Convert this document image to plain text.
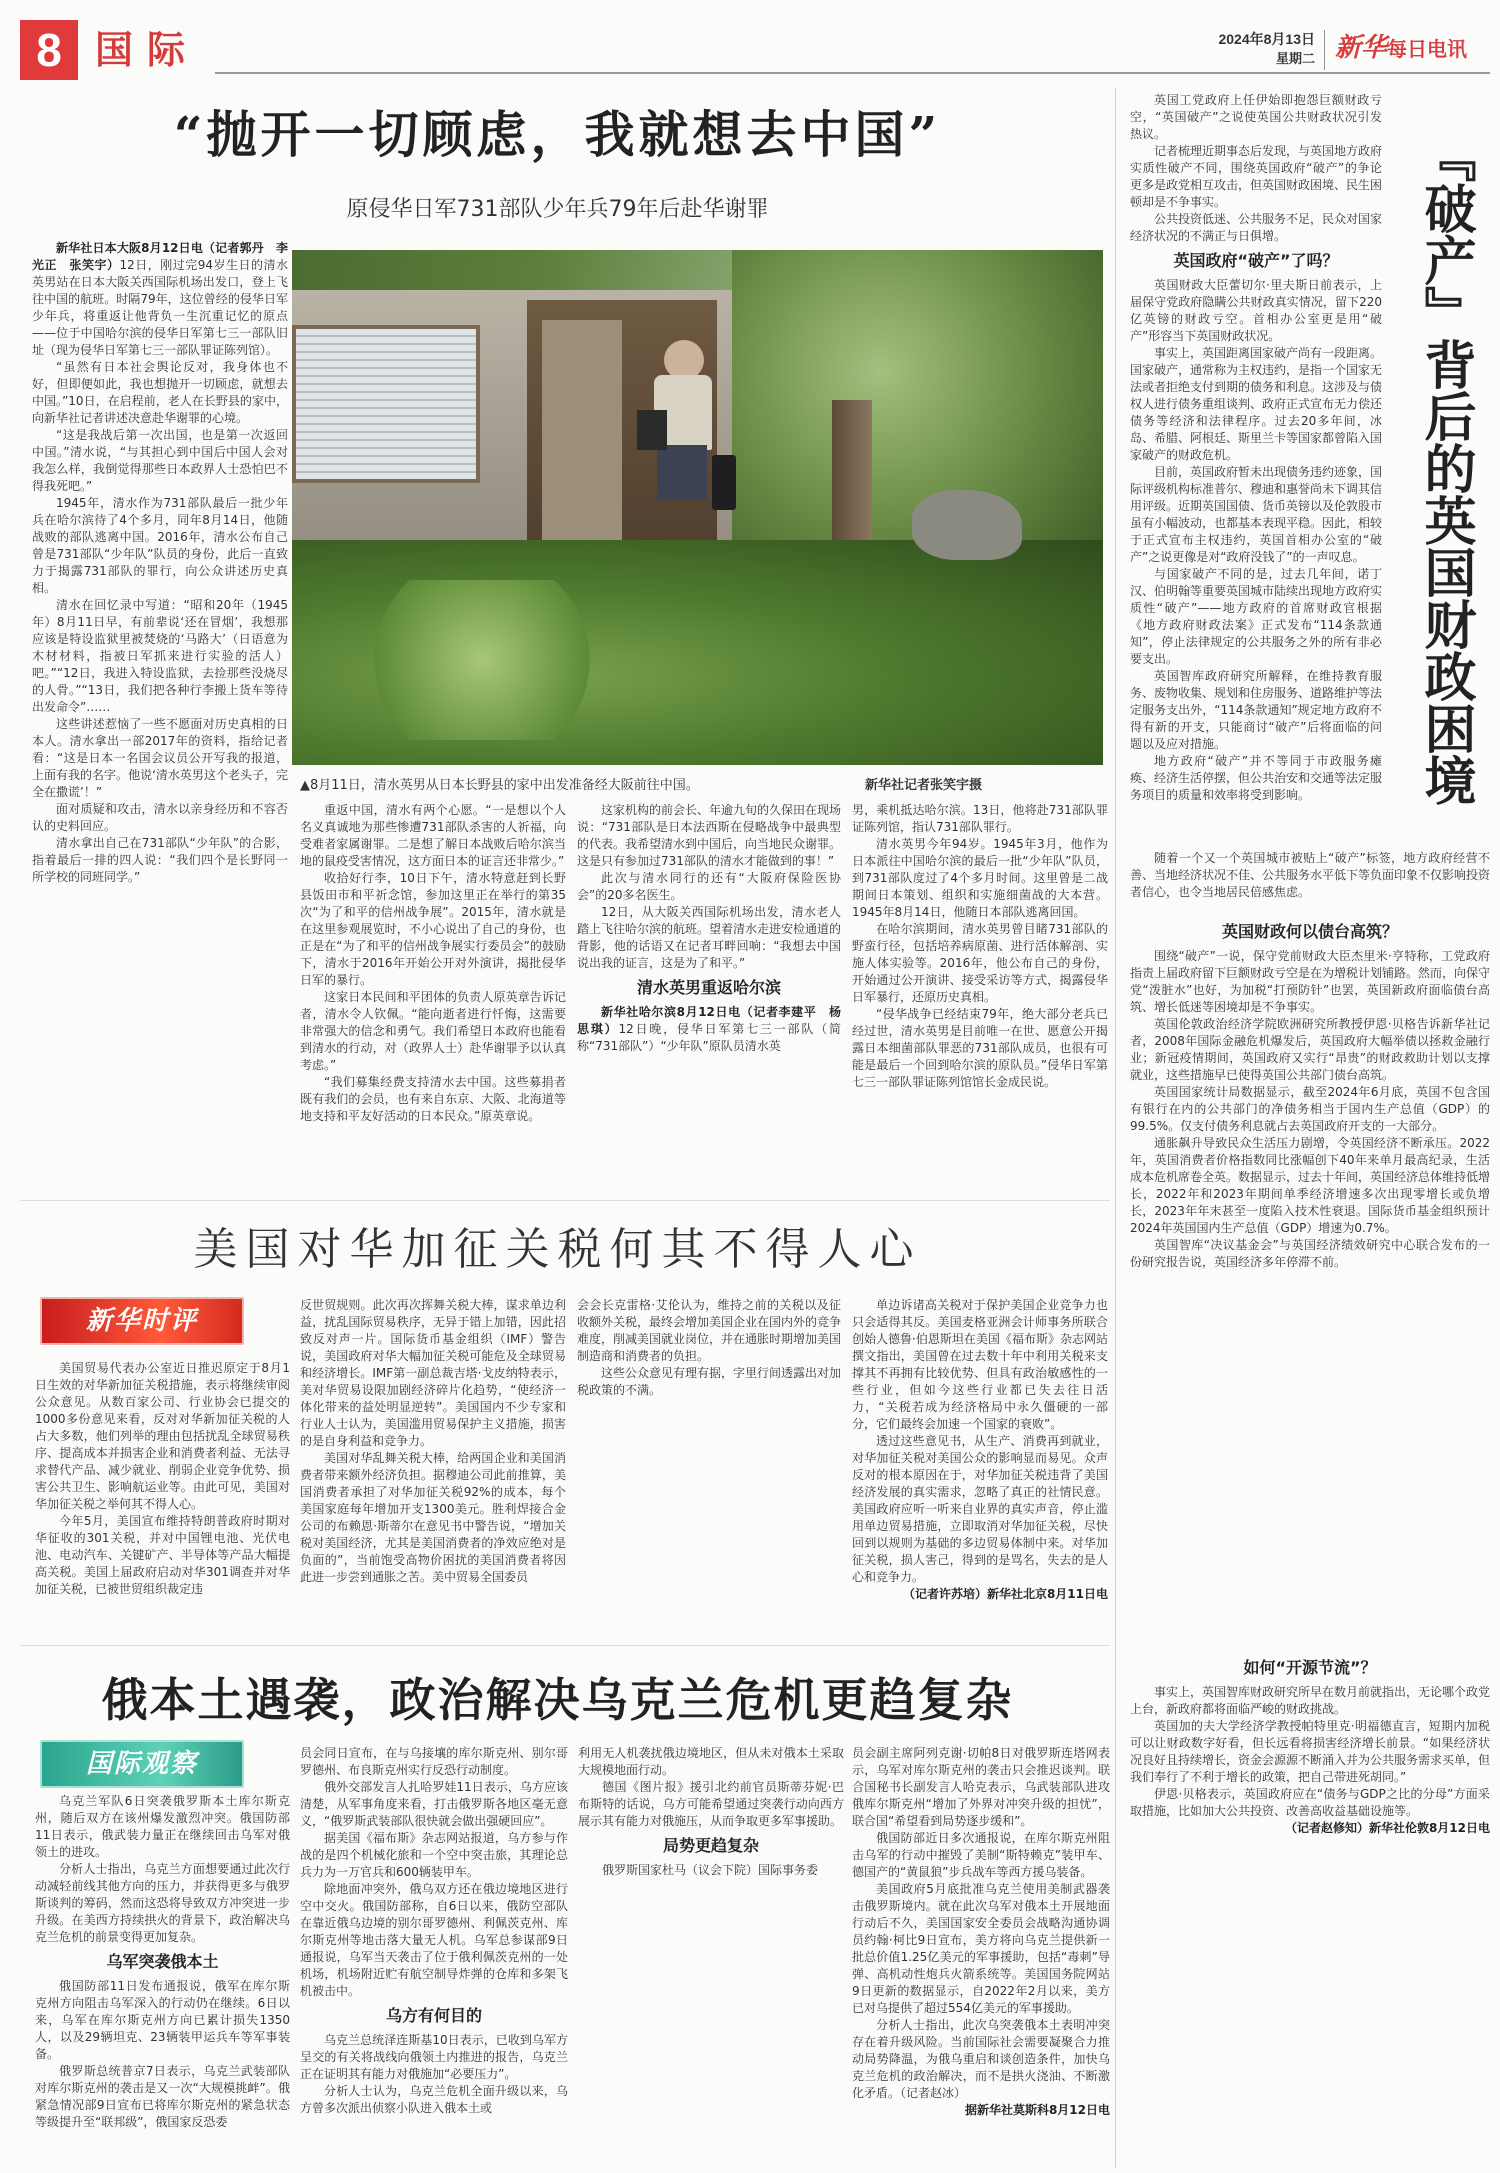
8 国际	2024年8月13日
星期二 新华每日电讯
“抛开一切顾虑，我就想去中国”
原侵华日军731部队少年兵79年后赴华谢罪

新华社日本大阪8月12日电（记者郭丹　李光正　张笑宇）12日，刚过完94岁生日的清水英男站在日本大阪关西国际机场出发口，登上飞往中国的航班。时隔79年，这位曾经的侵华日军少年兵，将重返让他背负一生沉重记忆的原点——位于中国哈尔滨的侵华日军第七三一部队旧址（现为侵华日军第七三一部队罪证陈列馆）。

“虽然有日本社会舆论反对，我身体也不好，但即便如此，我也想抛开一切顾虑，就想去中国。”10日，在启程前，老人在长野县的家中，向新华社记者讲述决意赴华谢罪的心境。

“这是我战后第一次出国，也是第一次返回中国。”清水说，“与其担心到中国后中国人会对我怎么样，我倒觉得那些日本政界人士恐怕巴不得我死吧。”

1945年，清水作为731部队最后一批少年兵在哈尔滨待了4个多月，同年8月14日，他随战败的部队逃离中国。2016年，清水公布自己曾是731部队“少年队”队员的身份，此后一直致力于揭露731部队的罪行，向公众讲述历史真相。

清水在回忆录中写道：“昭和20年（1945年）8月11日早，有前辈说‘还在冒烟’，我想那应该是特设监狱里被焚烧的‘马路大’（日语意为木材材料，指被日军抓来进行实验的活人）吧。”“12日，我进入特设监狱，去捡那些没烧尽的人骨。”“13日，我们把各种行李搬上货车等待出发命令”……

这些讲述惹恼了一些不愿面对历史真相的日本人。清水拿出一部2017年的资料，指给记者看：“这是日本一名国会议员公开写我的报道，上面有我的名字。他说‘清水英男这个老头子，完全在撒谎’！”

面对质疑和攻击，清水以亲身经历和不容否认的史料回应。

清水拿出自己在731部队“少年队”的合影，指着最后一排的四人说：“我们四个是长野同一所学校的同班同学。”

▲8月11日，清水英男从日本长野县的家中出发准备经大阪前往中国。	新华社记者张笑宇摄

重返中国，清水有两个心愿。“一是想以个人名义真诚地为那些惨遭731部队杀害的人祈福，向受难者家属谢罪。二是想了解日本战败后哈尔滨当地的鼠疫受害情况，这方面日本的证言还非常少。”

收拾好行李，10日下午，清水特意赶到长野县饭田市和平祈念馆，参加这里正在举行的第35次“为了和平的信州战争展”。2015年，清水就是在这里参观展览时，不小心说出了自己的身份，也正是在“为了和平的信州战争展实行委员会”的鼓励下，清水于2016年开始公开对外演讲，揭批侵华日军的暴行。

这家日本民间和平团体的负责人原英章告诉记者，清水令人钦佩。“能向逝者进行忏悔，这需要非常强大的信念和勇气。我们希望日本政府也能看到清水的行动，对（政界人士）赴华谢罪予以认真考虑。”

“我们募集经费支持清水去中国。这些募捐者既有我们的会员，也有来自东京、大阪、北海道等地支持和平友好活动的日本民众。”原英章说。

这家机构的前会长、年逾九旬的久保田在现场说：“731部队是日本法西斯在侵略战争中最典型的代表。我希望清水到中国后，向当地民众谢罪。这是只有参加过731部队的清水才能做到的事！”

此次与清水同行的还有“大阪府保险医协会”的20多名医生。

12日，从大阪关西国际机场出发，清水老人踏上飞往哈尔滨的航班。望着清水走进安检通道的背影，他的话语又在记者耳畔回响：“我想去中国说出我的证言，这是为了和平。”

清水英男重返哈尔滨

新华社哈尔滨8月12日电（记者李建平　杨思琪）12日晚，侵华日军第七三一部队（简称“731部队”）“少年队”原队员清水英

男，乘机抵达哈尔滨。13日，他将赴731部队罪证陈列馆，指认731部队罪行。

清水英男今年94岁。1945年3月，他作为日本派往中国哈尔滨的最后一批“少年队”队员，到731部队度过了4个多月时间。这里曾是二战期间日本策划、组织和实施细菌战的大本营。1945年8月14日，他随日本部队逃离回国。

在哈尔滨期间，清水英男曾目睹731部队的野蛮行径，包括培养病原菌、进行活体解剖、实施人体实验等。2016年，他公布自己的身份，开始通过公开演讲、接受采访等方式，揭露侵华日军暴行，还原历史真相。

“侵华战争已经结束79年，绝大部分老兵已经过世，清水英男是目前唯一在世、愿意公开揭露日本细菌部队罪恶的731部队成员，也很有可能是最后一个回到哈尔滨的原队员。”侵华日军第七三一部队罪证陈列馆馆长金成民说。

美国对华加征关税何其不得人心
新华时评

美国贸易代表办公室近日推迟原定于8月1日生效的对华新加征关税措施，表示将继续审阅公众意见。从数百家公司、行业协会已提交的1000多份意见来看，反对对华新加征关税的人占大多数，他们列举的理由包括扰乱全球贸易秩序、提高成本并损害企业和消费者利益、无法寻求替代产品、减少就业、削弱企业竞争优势、损害公共卫生、影响航运业等。由此可见，美国对华加征关税之举何其不得人心。

今年5月，美国宣布维持特朗普政府时期对华征收的301关税，并对中国锂电池、光伏电池、电动汽车、关键矿产、半导体等产品大幅提高关税。美国上届政府启动对华301调查并对华加征关税，已被世贸组织裁定违

反世贸规则。此次再次挥舞关税大棒，谋求单边利益，扰乱国际贸易秩序，无异于错上加错，因此招致反对声一片。国际货币基金组织（IMF）警告说，美国政府对华大幅加征关税可能危及全球贸易和经济增长。IMF第一副总裁吉塔·戈皮纳特表示，美对华贸易设限加剧经济碎片化趋势，“使经济一体化带来的益处明显逆转”。美国国内不少专家和行业人士认为，美国滥用贸易保护主义措施，损害的是自身利益和竞争力。

美国对华乱舞关税大棒，给两国企业和美国消费者带来额外经济负担。据穆迪公司此前推算，美国消费者承担了对华加征关税92%的成本，每个美国家庭每年增加开支1300美元。胜利焊接合金公司的布赖恩·斯蒂尔在意见书中警告说，“增加关税对美国经济，尤其是美国消费者的净效应绝对是负面的”，当前饱受高物价困扰的美国消费者将因此进一步尝到通胀之苦。美中贸易全国委员

会会长克雷格·艾伦认为，维持之前的关税以及征收额外关税，最终会增加美国企业在国内外的竞争难度，削减美国就业岗位，并在通胀时期增加美国制造商和消费者的负担。

这些公众意见有理有据，字里行间透露出对加税政策的不满。

单边诉诸高关税对于保护美国企业竞争力也只会适得其反。美国麦格亚洲会计师事务所联合创始人德鲁·伯恩斯坦在美国《福布斯》杂志网站撰文指出，美国曾在过去数十年中利用关税来支撑其不再拥有比较优势、但具有政治敏感性的一些行业，但如今这些行业都已失去往日活力，“关税若成为经济格局中永久僵硬的一部分，它们最终会加速一个国家的衰败”。

透过这些意见书，从生产、消费再到就业，对华加征关税对美国公众的影响显而易见。众声反对的根本原因在于，对华加征关税违背了美国经济发展的真实需求，忽略了真正的社情民意。美国政府应听一听来自业界的真实声音，停止滥用单边贸易措施，立即取消对华加征关税，尽快回到以规则为基础的多边贸易体制中来。对华加征关税，损人害己，得到的是骂名，失去的是人心和竞争力。

（记者许苏培）新华社北京8月11日电

俄本土遇袭，政治解决乌克兰危机更趋复杂
国际观察

乌克兰军队6日突袭俄罗斯本土库尔斯克州，随后双方在该州爆发激烈冲突。俄国防部11日表示，俄武装力量正在继续回击乌军对俄领土的进攻。

分析人士指出，乌克兰方面想要通过此次行动减轻前线其他方向的压力，并获得更多与俄罗斯谈判的筹码，然而这恐将导致双方冲突进一步升级。在美西方持续拱火的背景下，政治解决乌克兰危机的前景变得更加复杂。

乌军突袭俄本土

俄国防部11日发布通报说，俄军在库尔斯克州方向阻击乌军深入的行动仍在继续。6日以来，乌军在库尔斯克州方向已累计损失1350人，以及29辆坦克、23辆装甲运兵车等军事装备。

俄罗斯总统普京7日表示，乌克兰武装部队对库尔斯克州的袭击是又一次“大规模挑衅”。俄紧急情况部9日宣布已将库尔斯克州的紧急状态等级提升至“联邦级”，俄国家反恐委

员会同日宣布，在与乌接壤的库尔斯克州、别尔哥罗德州、布良斯克州实行反恐行动制度。

俄外交部发言人扎哈罗娃11日表示，乌方应该清楚，从军事角度来看，打击俄罗斯各地区毫无意义，“俄罗斯武装部队很快就会做出强硬回应”。

据美国《福布斯》杂志网站报道，乌方参与作战的是四个机械化旅和一个空中突击旅，其理论总兵力为一万官兵和600辆装甲车。

除地面冲突外，俄乌双方还在俄边境地区进行空中交火。俄国防部称，自6日以来，俄防空部队在靠近俄乌边境的别尔哥罗德州、利佩茨克州、库尔斯克州等地击落大量无人机。乌军总参谋部9日通报说，乌军当天袭击了位于俄利佩茨克州的一处机场，机场附近贮有航空制导炸弹的仓库和多架飞机被击中。

乌方有何目的

乌克兰总统泽连斯基10日表示，已收到乌军方呈交的有关将战线向俄领土内推进的报告，乌克兰正在证明其有能力对俄施加“必要压力”。

分析人士认为，乌克兰危机全面升级以来，乌方曾多次派出侦察小队进入俄本土或

利用无人机袭扰俄边境地区，但从未对俄本土采取大规模地面行动。

德国《图片报》援引北约前官员斯蒂芬妮·巴布斯特的话说，乌方可能希望通过突袭行动向西方展示其有能力对俄施压，从而争取更多军事援助。

局势更趋复杂

俄罗斯国家杜马（议会下院）国际事务委

员会副主席阿列克谢·切帕8日对俄罗斯连塔网表示，乌军对库尔斯克州的袭击只会推迟谈判。联合国秘书长副发言人哈克表示，乌武装部队进攻俄库尔斯克州“增加了外界对冲突升级的担忧”，联合国“希望看到局势逐步缓和”。

俄国防部近日多次通报说，在库尔斯克州阻击乌军的行动中摧毁了美制“斯特赖克”装甲车、德国产的“黄鼠狼”步兵战车等西方援乌装备。

美国政府5月底批准乌克兰使用美制武器袭击俄罗斯境内。就在此次乌军对俄本土开展地面行动后不久，美国国家安全委员会战略沟通协调员约翰·柯比9日宣布，美方将向乌克兰提供新一批总价值1.25亿美元的军事援助，包括“毒刺”导弹、高机动性炮兵火箭系统等。美国国务院网站9日更新的数据显示，自2022年2月以来，美方已对乌提供了超过554亿美元的军事援助。

分析人士指出，此次乌突袭俄本土表明冲突存在着升级风险。当前国际社会需要凝聚合力推动局势降温，为俄乌重启和谈创造条件，加快乌克兰危机的政治解决，而不是拱火浇油、不断激化矛盾。（记者赵冰）

据新华社莫斯科8月12日电

『破产』背后的英国财政困境

英国工党政府上任伊始即抱怨巨额财政亏空，“英国破产”之说使英国公共财政状况引发热议。

记者梳理近期事态后发现，与英国地方政府实质性破产不同，围绕英国政府“破产”的争论更多是政党相互攻击，但英国财政困境、民生困顿却是不争事实。

公共投资低迷、公共服务不足，民众对国家经济状况的不满正与日俱增。

英国政府“破产”了吗？

英国财政大臣蕾切尔·里夫斯日前表示，上届保守党政府隐瞒公共财政真实情况，留下220亿英镑的财政亏空。首相办公室更是用“破产”形容当下英国财政状况。

事实上，英国距离国家破产尚有一段距离。国家破产，通常称为主权违约，是指一个国家无法或者拒绝支付到期的债务和利息。这涉及与债权人进行债务重组谈判、政府正式宣布无力偿还债务等经济和法律程序。过去20多年间，冰岛、希腊、阿根廷、斯里兰卡等国家都曾陷入国家破产的财政危机。

目前，英国政府暂未出现债务违约迹象，国际评级机构标准普尔、穆迪和惠誉尚未下调其信用评级。近期英国国债、货币英镑以及伦敦股市虽有小幅波动，也都基本表现平稳。因此，相较于正式宣布主权违约，英国首相办公室的“破产”之说更像是对“政府没钱了”的一声叹息。

与国家破产不同的是，过去几年间，诺丁汉、伯明翰等重要英国城市陆续出现地方政府实质性“破产”——地方政府的首席财政官根据《地方政府财政法案》正式发布“114条款通知”，停止法律规定的公共服务之外的所有非必要支出。

英国智库政府研究所解释，在维持教育服务、废物收集、规划和住房服务、道路维护等法定服务支出外，“114条款通知”规定地方政府不得有新的开支，只能商讨“破产”后将面临的问题以及应对措施。

地方政府“破产”并不等同于市政服务瘫痪、经济生活停摆，但公共治安和交通等法定服务项目的质量和效率将受到影响。

随着一个又一个英国城市被贴上“破产”标签，地方政府经营不善、当地经济状况不佳、公共服务水平低下等负面印象不仅影响投资者信心，也令当地居民倍感焦虑。

英国财政何以债台高筑？

围绕“破产”一说，保守党前财政大臣杰里米·亨特称，工党政府指责上届政府留下巨额财政亏空是在为增税计划铺路。然而，向保守党“泼脏水”也好，为加税“打预防针”也罢，英国新政府面临债台高筑、增长低迷等困境却是不争事实。

英国伦敦政治经济学院欧洲研究所教授伊恩·贝格告诉新华社记者，2008年国际金融危机爆发后，英国政府大幅举债以拯救金融行业；新冠疫情期间，英国政府又实行“昂贵”的财政救助计划以支撑就业，这些措施早已使得英国公共部门债台高筑。

英国国家统计局数据显示，截至2024年6月底，英国不包含国有银行在内的公共部门的净债务相当于国内生产总值（GDP）的99.5%。仅支付债务利息就占去英国政府开支的一大部分。

通胀飙升导致民众生活压力剧增，令英国经济不断承压。2022年，英国消费者价格指数同比涨幅创下40年来单月最高纪录，生活成本危机席卷全英。数据显示，过去十年间，英国经济总体维持低增长，2022年和2023年期间单季经济增速多次出现零增长或负增长，2023年年末甚至一度陷入技术性衰退。国际货币基金组织预计2024年英国国内生产总值（GDP）增速为0.7%。

英国智库“决议基金会”与英国经济绩效研究中心联合发布的一份研究报告说，英国经济多年停滞不前。

如何“开源节流”？

事实上，英国智库财政研究所早在数月前就指出，无论哪个政党上台，新政府都将面临严峻的财政挑战。

英国加的夫大学经济学教授帕特里克·明福德直言，短期内加税可以让财政数字好看，但长远看将损害经济增长前景。“如果经济状况良好且持续增长，资金会源源不断涌入并为公共服务需求买单，但我们奉行了不利于增长的政策，把自己带进死胡同。”

伊恩·贝格表示，英国政府应在“债务与GDP之比的分母”方面采取措施，比如加大公共投资、改善高收益基础设施等。

（记者赵修知）新华社伦敦8月12日电
